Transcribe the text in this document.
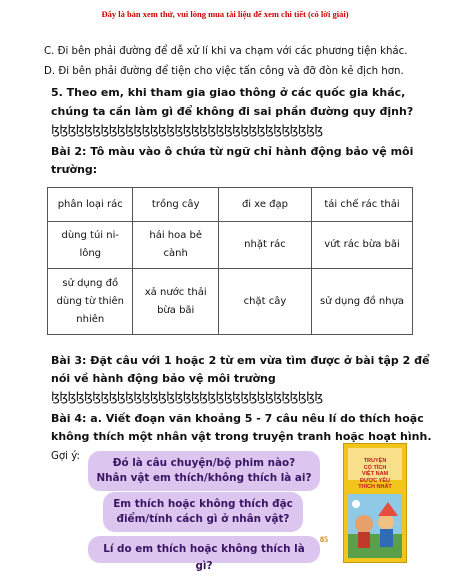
Đây là bản xem thử, vui lòng mua tài liệu để xem chi tiết (có lời giải)
C. Đi bên phải đường để dễ xử lí khi va chạm với các phương tiện khác.
D. Đi bên phải đường để tiện cho việc tấn công và đỡ đòn kẻ địch hơn.
5. Theo em, khi tham gia giao thông ở các quốc gia khác,
chúng ta cần làm gì để không đi sai phần đường quy định?
ɮɮɮɮɮɮɮɮɮɮɮɮɮɮɮɮɮɮɮɮɮɮɮɮɮɮɮɮɮɮɮɮɮ
Bài 2: Tô màu vào ô chứa từ ngữ chỉ hành động bảo vệ môi
trường:
phân loại rác	trồng cây	đi xe đạp	tái chế rác thải
dùng túi ni-lông	hái hoa bẻ cành	nhặt rác	vứt rác bừa bãi
sử dụng đồ dùng từ thiên nhiên	xả nước thải bừa bãi	chặt cây	sử dụng đồ nhựa
Bài 3: Đặt câu với 1 hoặc 2 từ em vừa tìm được ở bài tập 2 để
nói về hành động bảo vệ môi trường
ɮɮɮɮɮɮɮɮɮɮɮɮɮɮɮɮɮɮɮɮɮɮɮɮɮɮɮɮɮɮɮɮɮ
Bài 4: a. Viết đoạn văn khoảng 5 - 7 câu nêu lí do thích hoặc
không thích một nhân vật trong truyện tranh hoặc hoạt hình.
Gợi ý:
Đó là câu chuyện/bộ phim nào? Nhân vật em thích/không thích là ai?
Em thích hoặc không thích đặc điểm/tính cách gì ở nhân vật?
Lí do em thích hoặc không thích là gì?
85
TRUYỆN
CỔ TÍCH
VIỆT NAM
ĐƯỢC YÊU
THÍCH NHẤT
